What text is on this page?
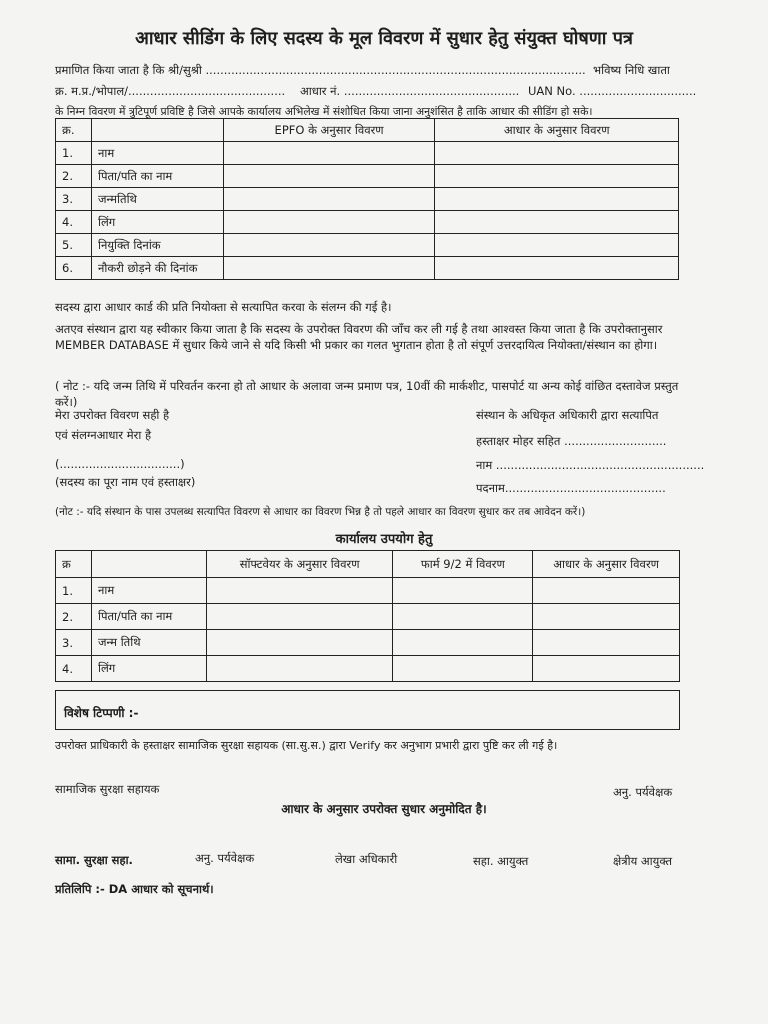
आधार सीडिंग के लिए सदस्य के मूल विवरण में सुधार हेतु संयुक्त घोषणा पत्र
प्रमाणित किया जाता है कि श्री/सुश्री ........................................................................................................ भविष्य निधि खाता
क्र. म.प्र./भोपाल/........................................... आधार नं. ................................................ UAN No. ................................
के निम्न विवरण में त्रुटिपूर्ण प्रविष्टि है जिसे आपके कार्यालय अभिलेख में संशोधित किया जाना अनुशंसित है ताकि आधार की सीडिंग हो सके।
क्र.		EPFO के अनुसार विवरण	आधार के अनुसार विवरण
1.	नाम		
2.	पिता/पति का नाम		
3.	जन्मतिथि		
4.	लिंग		
5.	नियुक्ति दिनांक		
6.	नौकरी छोड़ने की दिनांक		
सदस्य द्वारा आधार कार्ड की प्रति नियोक्ता से सत्यापित करवा के संलग्न की गई है।
अतएव संस्थान द्वारा यह स्वीकार किया जाता है कि सदस्य के उपरोक्त विवरण की जाँच कर ली गई है तथा आश्वस्त किया जाता है कि उपरोक्तानुसार MEMBER DATABASE में सुधार किये जाने से यदि किसी भी प्रकार का गलत भुगतान होता है तो संपूर्ण उत्तरदायित्व नियोक्ता/संस्थान का होगा।
( नोट :- यदि जन्म तिथि में परिवर्तन करना हो तो आधार के अलावा जन्म प्रमाण पत्र, 10वीं की मार्कशीट, पासपोर्ट या अन्य कोई वांछित दस्तावेज प्रस्तुत करें।)
मेरा उपरोक्त विवरण सही है
एवं संलग्नआधार मेरा है
(.................................)
(सदस्य का पूरा नाम एवं हस्ताक्षर)
संस्थान के अधिकृत अधिकारी द्वारा सत्यापित
हस्ताक्षर मोहर सहित ............................
नाम .........................................................
पदनाम............................................
(नोट :- यदि संस्थान के पास उपलब्ध सत्यापित विवरण से आधार का विवरण भिन्न है तो पहले आधार का विवरण सुधार कर तब आवेदन करें।)
कार्यालय उपयोग हेतु
क्र		सॉफ्टवेयर के अनुसार विवरण	फार्म 9/2 में विवरण	आधार के अनुसार विवरण
1.	नाम			
2.	पिता/पति का नाम			
3.	जन्म तिथि			
4.	लिंग			
विशेष टिप्पणी :-
उपरोक्त प्राधिकारी के हस्ताक्षर सामाजिक सुरक्षा सहायक (सा.सु.स.) द्वारा Verify कर अनुभाग प्रभारी द्वारा पुष्टि कर ली गई है।
सामाजिक सुरक्षा सहायक	अनु. पर्यवेक्षक
आधार के अनुसार उपरोक्त सुधार अनुमोदित है।
सामा. सुरक्षा सहा.	अनु. पर्यवेक्षक	लेखा अधिकारी	सहा. आयुक्त	क्षेत्रीय आयुक्त
प्रतिलिपि :- DA आधार को सूचनार्थ।
